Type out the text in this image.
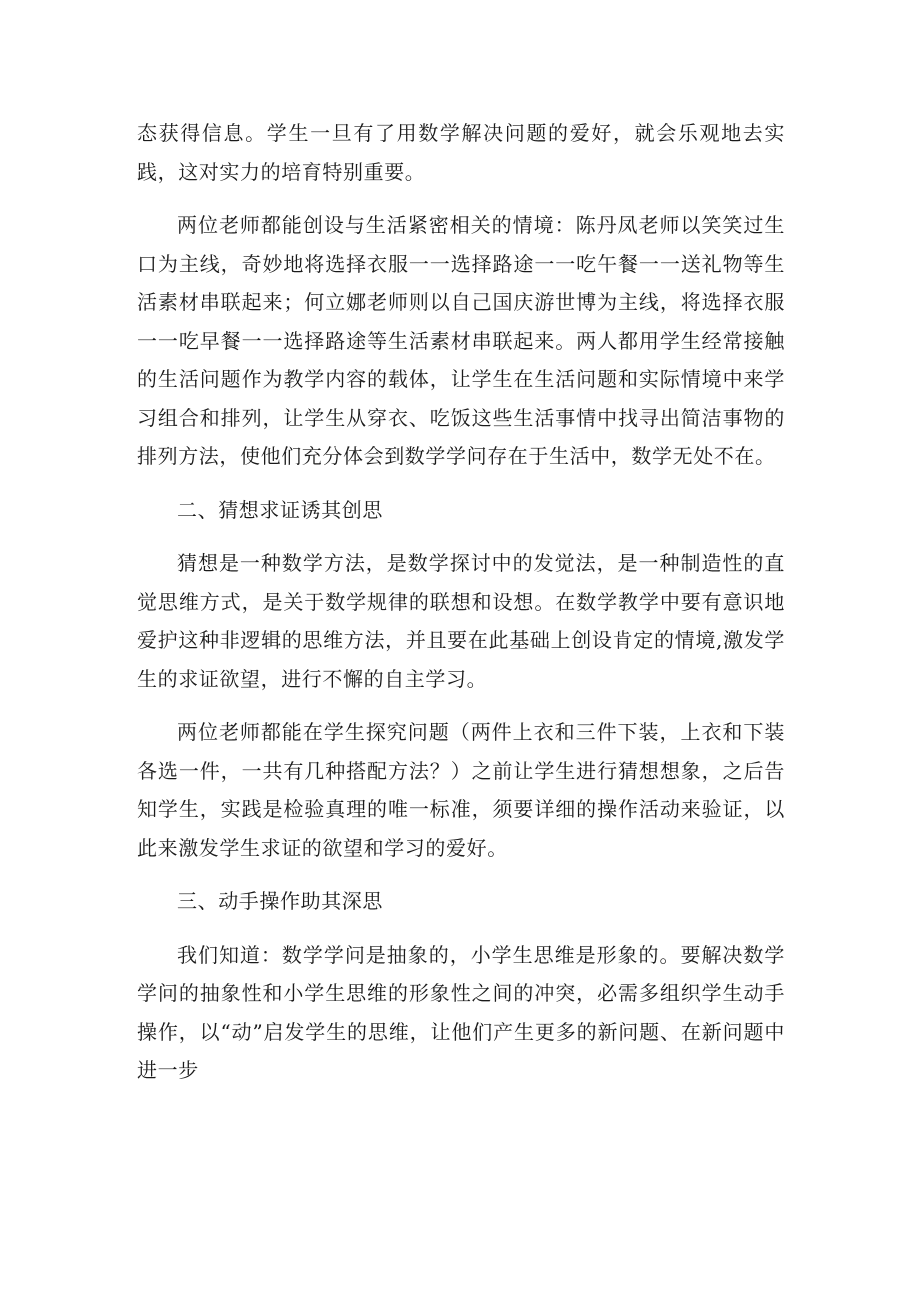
态获得信息。学生一旦有了用数学解决问题的爱好，就会乐观地去实践，这对实力的培育特别重要。

两位老师都能创设与生活紧密相关的情境：陈丹凤老师以笑笑过生口为主线，奇妙地将选择衣服一一选择路途一一吃午餐一一送礼物等生活素材串联起来；何立娜老师则以自己国庆游世博为主线，将选择衣服一一吃早餐一一选择路途等生活素材串联起来。两人都用学生经常接触的生活问题作为教学内容的载体，让学生在生活问题和实际情境中来学习组合和排列，让学生从穿衣、吃饭这些生活事情中找寻出简洁事物的排列方法，使他们充分体会到数学学问存在于生活中，数学无处不在。

二、猜想求证诱其创思

猜想是一种数学方法，是数学探讨中的发觉法，是一种制造性的直觉思维方式，是关于数学规律的联想和设想。在数学教学中要有意识地爱护这种非逻辑的思维方法，并且要在此基础上创设肯定的情境,激发学生的求证欲望，进行不懈的自主学习。

两位老师都能在学生探究问题（两件上衣和三件下装，上衣和下装各选一件，一共有几种搭配方法？）之前让学生进行猜想想象，之后告知学生，实践是检验真理的唯一标准，须要详细的操作活动来验证，以此来激发学生求证的欲望和学习的爱好。

三、动手操作助其深思

我们知道：数学学问是抽象的，小学生思维是形象的。要解决数学学问的抽象性和小学生思维的形象性之间的冲突，必需多组织学生动手操作，以“动”启发学生的思维，让他们产生更多的新问题、在新问题中进一步
